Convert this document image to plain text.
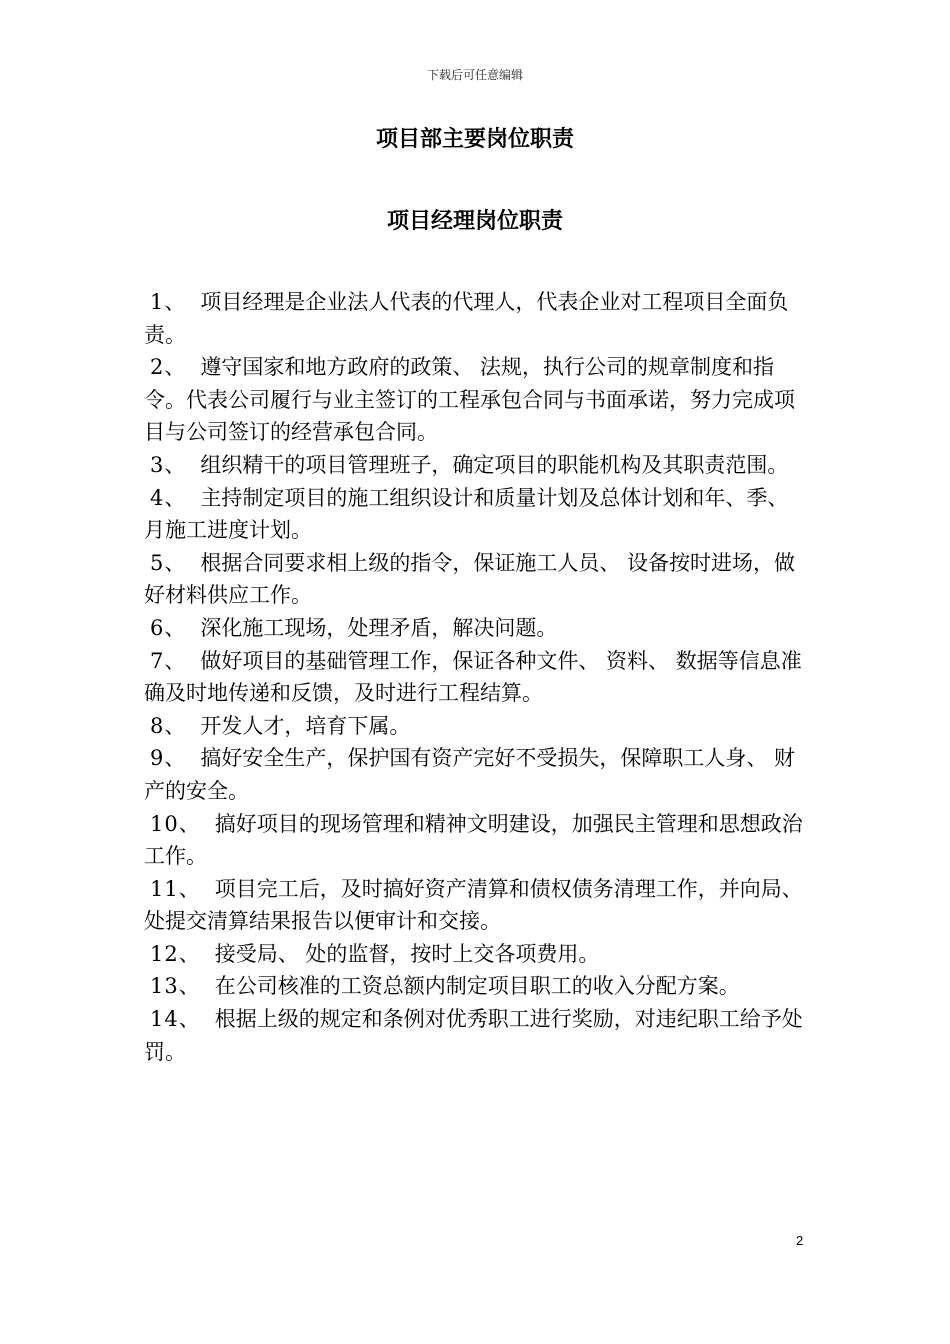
下载后可任意编辑
项目部主要岗位职责
项目经理岗位职责

1、 项目经理是企业法人代表的代理人，代表企业对工程项目全面负责。

2、 遵守国家和地方政府的政策、 法规，执行公司的规章制度和指令。代表公司履行与业主签订的工程承包合同与书面承诺，努力完成项目与公司签订的经营承包合同。

3、 组织精干的项目管理班子，确定项目的职能机构及其职责范围。

4、 主持制定项目的施工组织设计和质量计划及总体计划和年、季、 月施工进度计划。

5、 根据合同要求相上级的指令，保证施工人员、 设备按时进场，做好材料供应工作。

6、 深化施工现场，处理矛盾，解决问题。

7、 做好项目的基础管理工作，保证各种文件、 资料、 数据等信息准确及时地传递和反馈，及时进行工程结算。

8、 开发人才，培育下属。

9、 搞好安全生产，保护国有资产完好不受损失，保障职工人身、 财产的安全。

10、 搞好项目的现场管理和精神文明建设，加强民主管理和思想政治工作。

11、 项目完工后，及时搞好资产清算和债权债务清理工作，并向局、 处提交清算结果报告以便审计和交接。

12、 接受局、 处的监督，按时上交各项费用。

13、 在公司核准的工资总额内制定项目职工的收入分配方案。

14、 根据上级的规定和条例对优秀职工进行奖励，对违纪职工给予处罚。

2
